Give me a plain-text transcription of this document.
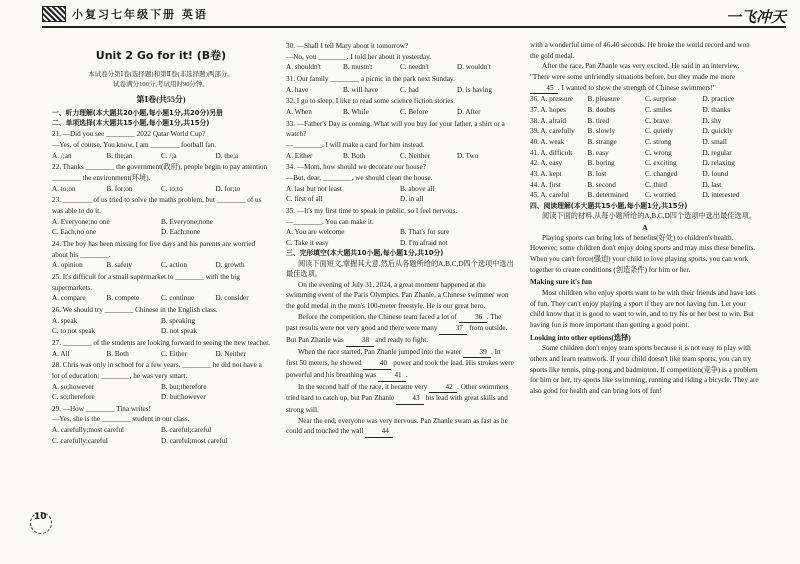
小复习七年级下册 英语	一飞冲天
Unit 2 Go for it! (B卷)
本试卷分第Ⅰ卷(选择题)和第Ⅱ卷(非选择题)两部分。
试卷满分100分,考试用时90分钟。
第Ⅰ卷(共55分)
一、听力理解(本大题共20小题,每小题1分,共20分)另册
二、单项选择(本大题共15小题,每小题1分,共15分)
21. —Did you see ________ 2022 Qatar World Cup?
—Yes, of course. You know, I am ________ football fan.
A. /;an	B. the;an	C. /;a	D. the;a
22. Thanks ________ the government(政府), people begin to pay attention ________ the environment(环境).
A. to;on	B. for;on	C. to;to	D. for;to
23. ________ of us tried to solve the maths problem, but ________ of us was able to do it.
A. Everyone;no one	B. Everyone;none
C. Each;no one	D. Each;none
24. The boy has been missing for five days and his parents are worried about his ________.
A. opinion	B. safety	C. action	D. growth
25. It's difficult for a small supermarket to ________ with the big supermarkets.
A. compare	B. compete	C. continue	D. consider
26. We should try ________ Chinese in the English class.
A. speak	B. speaking
C. to not speak	D. not speak
27. ________ of the students are looking forward to seeing the new teacher.
A. All	B. Both	C. Either	D. Neither
28. Chris was only in school for a few years, ________ he did not have a lot of education; ________, he was very smart.
A. so;however	B. but;therefore
C. so;therefore	D. but;however
29. —How ________ Tina writes!
—Yes, she is the ________ student in our class.
A. carefully;most careful	B. careful;careful
C. carefully;careful	D. careful;most careful
30. —Shall I tell Mary about it tomorrow?
—No, you ________. I told her about it yesterday.
A. shouldn't	B. mustn't	C. needn't	D. wouldn't
31. Our family ________ a picnic in the park next Sunday.
A. have	B. will have	C. had	D. is having
32. I go to sleep, I like to read some science fiction stories.
A. When	B. While	C. Before	D. After
33. —Father's Day is coming. What will you buy for your father, a shirt or a watch?
—________. I will make a card for him instead.
A. Either	B. Both	C. Neither	D. Two
34. —Mom, how should we decorate our house?
—But, dear, ________, we should clean the house.
A. last but not least	B. above all
C. first of all	D. in all
35. —It's my first time to speak in public, so I feel nervous.
—________. You can make it.
A. You are welcome	B. That's for sure
C. Take it easy	D. I'm afraid not
三、完形填空(本大题共10小题,每小题1分,共10分)

阅读下面短文,掌握其大意,然后从各题所给的A,B,C,D四个选项中选出最佳选项。

On the evening of July 31, 2024, a great moment happened at the swimming event of the Paris Olympics. Pan Zhanle, a Chinese swimmer won the gold medal in the men's 100-meter freestyle. He is our great hero.

Before the competition, the Chinese team faced a lot of	36 . The past results were not very good and there were many	37 from outside. But Pan Zhanle was	38 and ready to fight.

When the race started, Pan Zhanle jumped into the water	39 . In first 50 meters, he showed	40 power and took the lead. His strokes were powerful and his breathing was	41 .

In the second half of the race, it became very	42 . Other swimmers tried hard to catch up, but Pan Zhanle	43 his lead with great skills and strong will.

Near the end, everyone was very nervous. Pan Zhanle swam as fast as he could and touched the wall	44

with a wonderful time of 46.40 seconds. He broke the world record and won the gold medal.

After the race, Pan Zhanle was very excited. He said in an interview, "There were some unfriendly situations before, but they made me more 45 . I wanted to show the strength of Chinese swimmers!"

36. A. pressure	B. pleasure	C. surprise	D. practice
37. A. hopes	B. doubts	C. smiles	D. thanks
38. A. afraid	B. tired	C. brave	D. shy
39. A. carefully	B. slowly	C. quietly	D. quickly
40. A. weak	B. strange	C. strong	D. small
41. A. difficult	B. easy	C. wrong	D. regular
42. A. easy	B. boring	C. exciting	D. relaxing
43. A. kept	B. lost	C. changed	D. found
44. A. first	B. second	C. third	D. last
45. A. careful	B. determined	C. worried	D. interested
四、阅读理解(本大题共15小题,每小题1分,共15分)

阅读下面的材料,从每小题所给的A,B,C,D四个选项中选出最佳选项。

A

Playing sports can bring lots of benefits(好处) to children's health. However, some children don't enjoy doing sports and may miss these benefits. When you can't force(强迫) your child to love playing sports, you can work together to create conditions (创造条件) for him or her.

Making sure it's fun

Most children who enjoy sports want to be with their friends and have lots of fun. They can't enjoy playing a sport if they are not having fun. Let your child know that it is good to want to win, and to try his or her best to win. But having fun is more important than getting a good point.

Looking into other options(选择)

Some children don't enjoy team sports because it is not easy to play with others and learn teamwork. If your child doesn't like team sports, you can try sports like tennis, ping-pong and badminton. If competition(竞争) is a problem for him or her, try sports like swimming, running and riding a bicycle. They are also good for health and can bring lots of fun!

10
